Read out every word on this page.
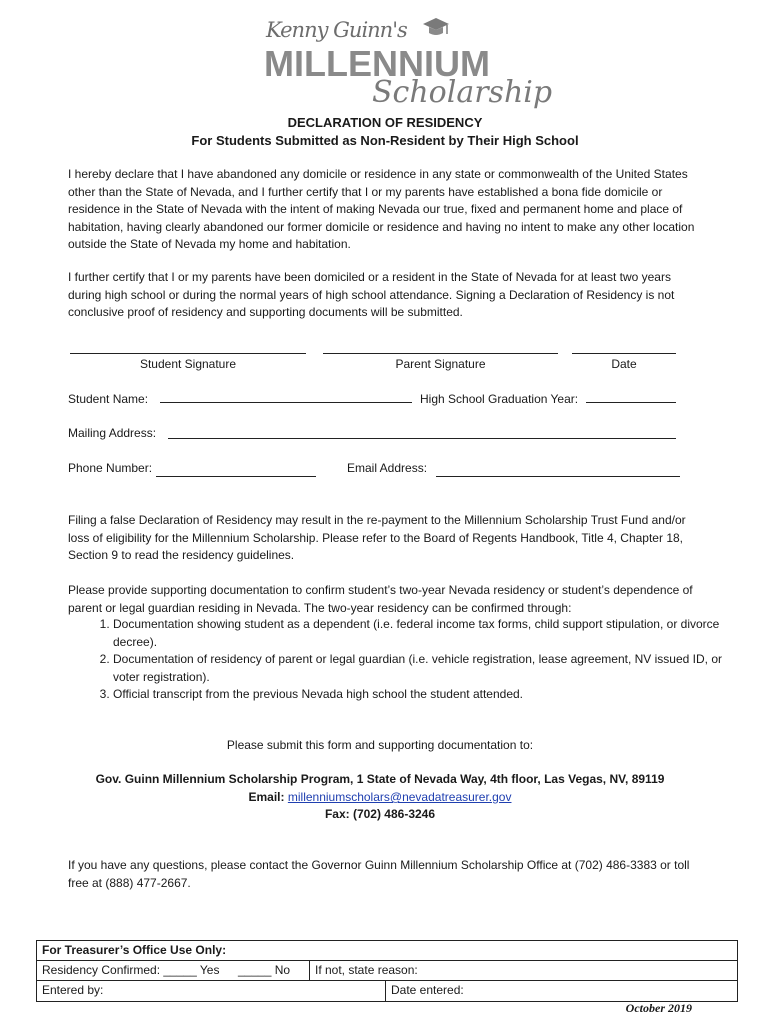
Kenny Guinn's
MILLENNIUM
Scholarship
DECLARATION OF RESIDENCY
For Students Submitted as Non-Resident by Their High School
I hereby declare that I have abandoned any domicile or residence in any state or commonwealth of the United States other than the State of Nevada, and I further certify that I or my parents have established a bona fide domicile or residence in the State of Nevada with the intent of making Nevada our true, fixed and permanent home and place of habitation, having clearly abandoned our former domicile or residence and having no intent to make any other location outside the State of Nevada my home and habitation.
I further certify that I or my parents have been domiciled or a resident in the State of Nevada for at least two years during high school or during the normal years of high school attendance. Signing a Declaration of Residency is not conclusive proof of residency and supporting documents will be submitted.
Student Signature	Parent Signature	Date
Student Name:	High School Graduation Year:
Mailing Address:
Phone Number:	Email Address:
Filing a false Declaration of Residency may result in the re-payment to the Millennium Scholarship Trust Fund and/or loss of eligibility for the Millennium Scholarship. Please refer to the Board of Regents Handbook, Title 4, Chapter 18, Section 9 to read the residency guidelines.
Please provide supporting documentation to confirm student’s two-year Nevada residency or student’s dependence of parent or legal guardian residing in Nevada. The two-year residency can be confirmed through:
1. Documentation showing student as a dependent (i.e. federal income tax forms, child support stipulation, or divorce decree).
2. Documentation of residency of parent or legal guardian (i.e. vehicle registration, lease agreement, NV issued ID, or voter registration).
3. Official transcript from the previous Nevada high school the student attended.
Please submit this form and supporting documentation to:
Gov. Guinn Millennium Scholarship Program, 1 State of Nevada Way, 4th floor, Las Vegas, NV, 89119
Email: millenniumscholars@nevadatreasurer.gov
Fax: (702) 486-3246
If you have any questions, please contact the Governor Guinn Millennium Scholarship Office at (702) 486-3383 or toll free at (888) 477-2667.
For Treasurer’s Office Use Only:
Residency Confirmed: _____ Yes	_____ No	If not, state reason:
Entered by:	Date entered:
October 2019
